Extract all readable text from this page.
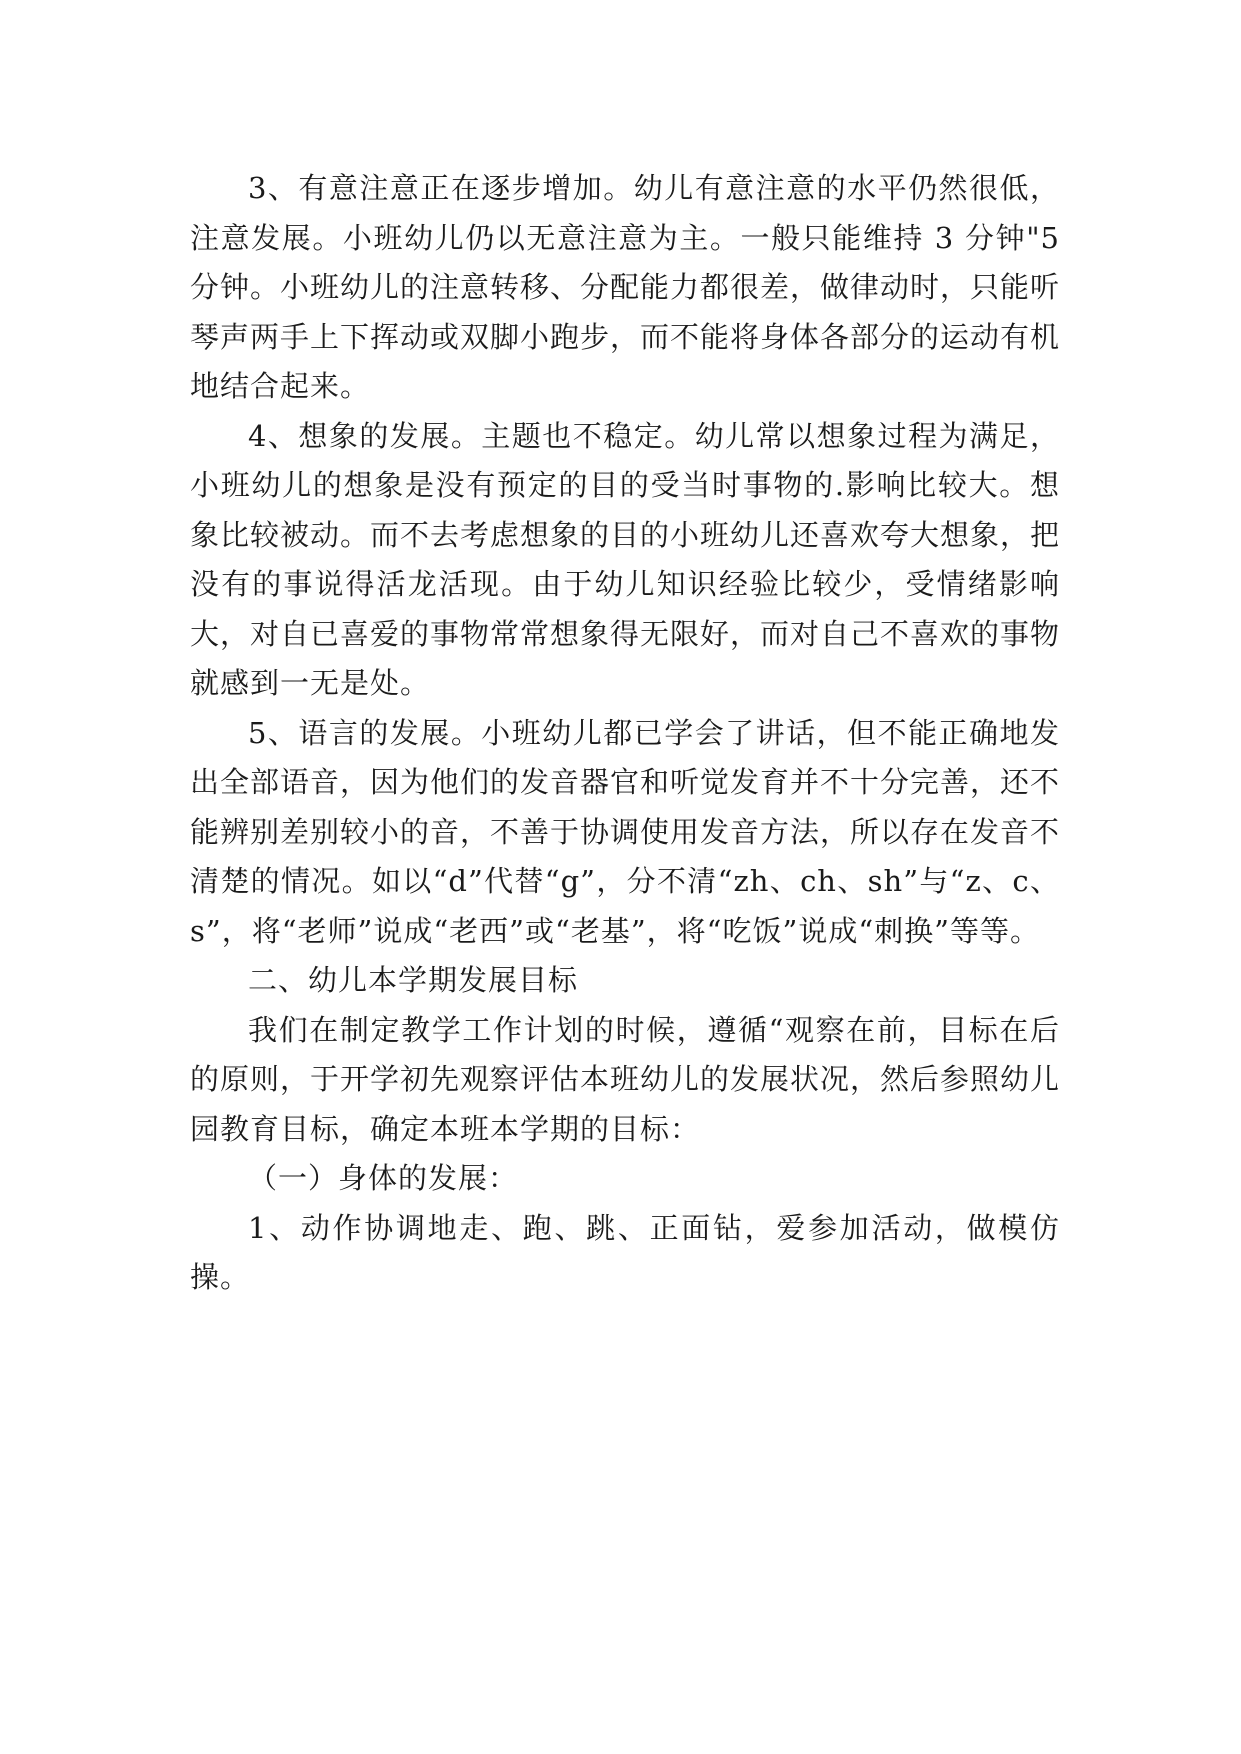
3、有意注意正在逐步增加。幼儿有意注意的水平仍然很低，注意发展。小班幼儿仍以无意注意为主。一般只能维持 3 分钟"5 分钟。小班幼儿的注意转移、分配能力都很差，做律动时，只能听琴声两手上下挥动或双脚小跑步，而不能将身体各部分的运动有机地结合起来。

4、想象的发展。主题也不稳定。幼儿常以想象过程为满足，小班幼儿的想象是没有预定的目的受当时事物的.影响比较大。想象比较被动。而不去考虑想象的目的小班幼儿还喜欢夸大想象，把没有的事说得活龙活现。由于幼儿知识经验比较少，受情绪影响大，对自已喜爱的事物常常想象得无限好，而对自己不喜欢的事物就感到一无是处。

5、语言的发展。小班幼儿都已学会了讲话，但不能正确地发出全部语音，因为他们的发音器官和听觉发育并不十分完善，还不能辨别差别较小的音，不善于协调使用发音方法，所以存在发音不清楚的情况。如以“d”代替“g”，分不清“zh、ch、sh”与“z、c、s”，将“老师”说成“老西”或“老基”，将“吃饭”说成“刺换”等等。

二、幼儿本学期发展目标

我们在制定教学工作计划的时候，遵循“观察在前，目标在后的原则，于开学初先观察评估本班幼儿的发展状况，然后参照幼儿园教育目标，确定本班本学期的目标：

（一）身体的发展：

1、动作协调地走、跑、跳、正面钻，爱参加活动，做模仿操。
